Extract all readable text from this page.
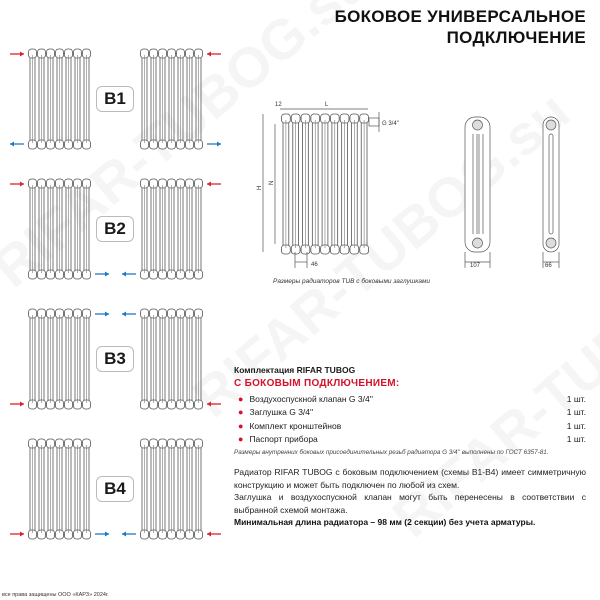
БОКОВОЕ УНИВЕРСАЛЬНОЕ
ПОДКЛЮЧЕНИЕ
B1
B2
B3
B4
12	L
H
N
46
G 3/4''
107	66
Размеры радиаторов TUB с боковыми заглушками
Комплектация RIFAR TUBOG
С БОКОВЫМ ПОДКЛЮЧЕНИЕМ:
● Воздухоспускной клапан G 3/4''	1 шт.
● Заглушка G 3/4''	1 шт.
● Комплект кронштейнов	1 шт.
● Паспорт прибора	1 шт.
Размеры внутренних боковых присоединительных резьб радиатора G 3/4'' выполнены по ГОСТ 6357-81.
Радиатор RIFAR TUBOG с боковым подключением (схемы B1-B4) имеет симметричную конструкцию и может быть подключен по любой из схем.
Заглушка и воздухоспускной клапан могут быть перенесены в соответствии с выбранной схемой монтажа.
Минимальная длина радиатора – 98 мм (2 секции) без учета арматуры.
все права защищены ООО «КАРЗ» 2024г.
